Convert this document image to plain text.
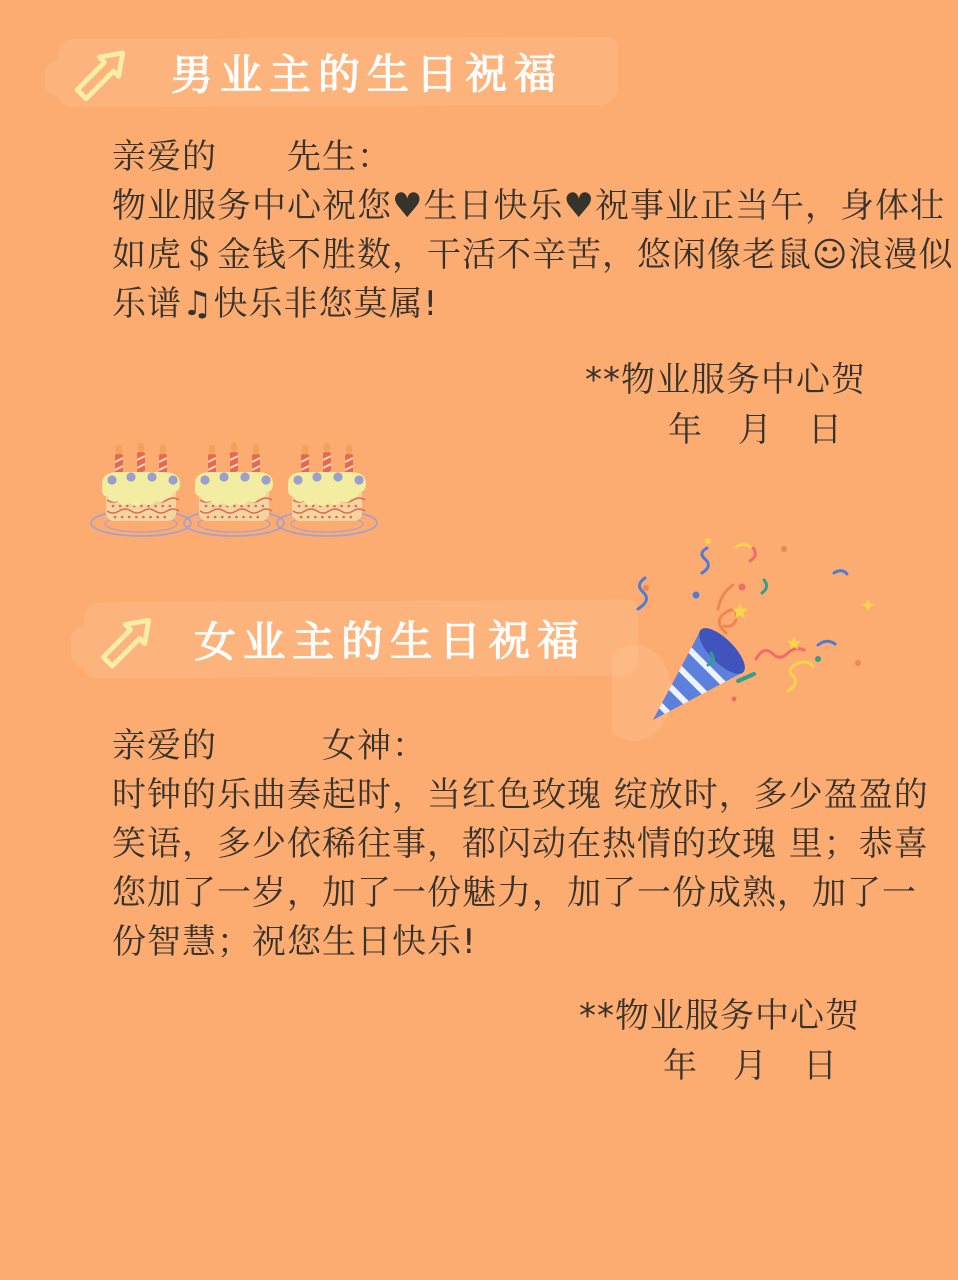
男业主的生日祝福
亲爱的　　先生：
物业服务中心祝您♥生日快乐♥祝事业正当午，身体壮
如虎＄金钱不胜数，干活不辛苦，悠闲像老鼠☺浪漫似
乐谱♫快乐非您莫属!
**物业服务中心贺
年　月　日
女业主的生日祝福
亲爱的　　　女神：
时钟的乐曲奏起时，当红色玫瑰 绽放时，多少盈盈的
笑语，多少依稀往事，都闪动在热情的玫瑰 里；恭喜
您加了一岁，加了一份魅力，加了一份成熟，加了一
份智慧；祝您生日快乐!
**物业服务中心贺
年　月　日
